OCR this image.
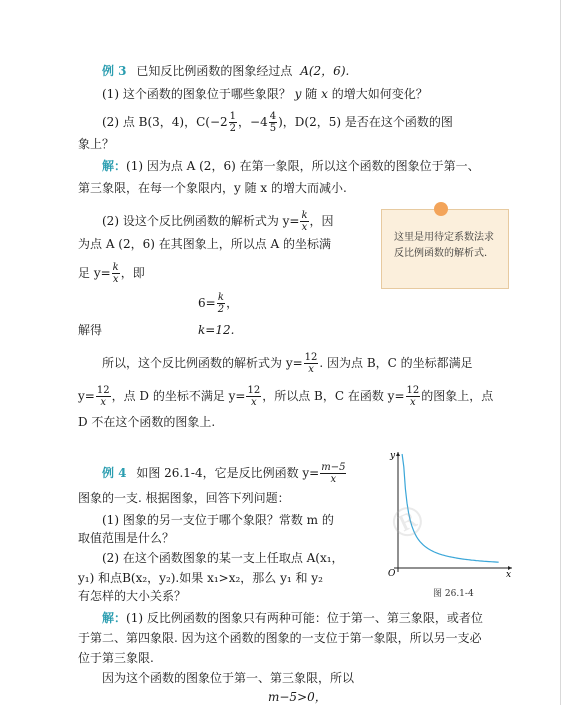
例 3 已知反比例函数的图象经过点 A(2，6).
(1) 这个函数的图象位于哪些象限？ y 随 x 的增大如何变化？
(2) 点 B(3，4)，$C(-2 \frac{1}{2}$ ，$-4 \frac{4}{5}$ )，D(2，5) 是否在这个函数的图
象上？
解：(1) 因为点 A (2，6) 在第一象限，所以这个函数的图象位于第一、
第三象限，在每一个象限内，y 随 x 的增大而减小.
(2) 设这个反比例函数的解析式为 $y= \frac{k}{x}$ ，因
为点 A (2，6) 在其图象上，所以点 A 的坐标满
足 $y= \frac{k}{x}$ ，即
$6= \frac{k}{2}$ ，
解得	k=12.
所以，这个反比例函数的解析式为 $y= \frac{12}{x}$ . 因为点 B，C 的坐标都满足
$y= \frac{12}{x}$ ，点 D 的坐标不满足 $y= \frac{12}{x}$ ，所以点 B，C 在函数 $y= \frac{12}{x}$ 的图象上，点
D 不在这个函数的图象上.
这里是用待定系数法求反比例函数的解析式.
例 4 如图 26.1-4，它是反比例函数 $y= \frac{m-5}{x}$
图象的一支. 根据图象，回答下列问题：
(1) 图象的另一支位于哪个象限？常数 m 的
取值范围是什么？
(2) 在这个函数图象的某一支上任取点 A(x₁，
y₁) 和点B(x₂，y₂).如果 x₁>x₂，那么 y₁ 和 y₂
有怎样的大小关系？
解：(1) 反比例函数的图象只有两种可能：位于第一、第三象限，或者位
于第二、第四象限. 因为这个函数的图象的一支位于第一象限，所以另一支必
位于第三象限.
因为这个函数的图象位于第一、第三象限，所以
m−5>0，
y
x
O
®
图 26.1-4
